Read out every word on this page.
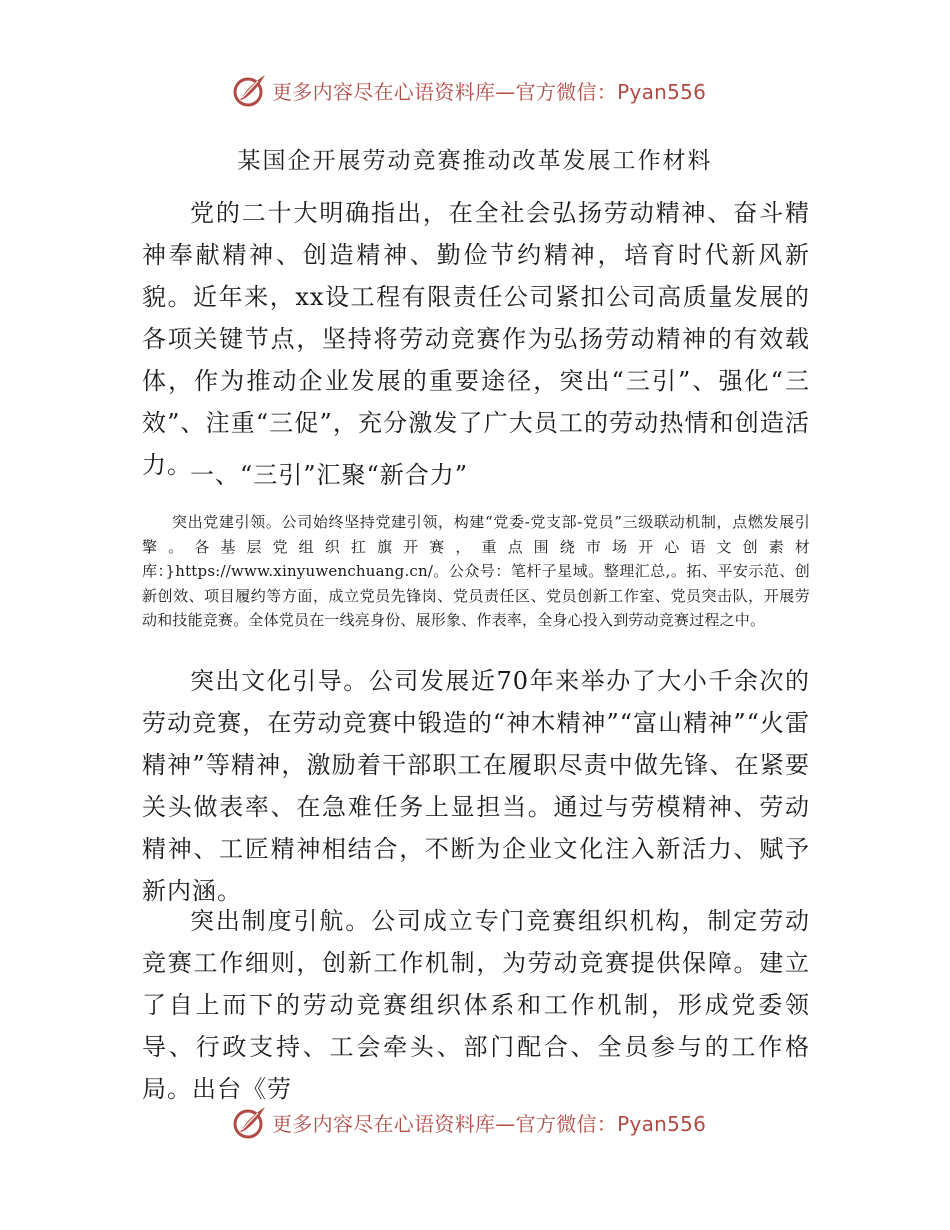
更多内容尽在心语资料库—官方微信：Pyan556
某国企开展劳动竞赛推动改革发展工作材料

党的二十大明确指出，在全社会弘扬劳动精神、奋斗精神奉献精神、创造精神、勤俭节约精神，培育时代新风新貌。近年来，xx设工程有限责任公司紧扣公司高质量发展的各项关键节点，坚持将劳动竞赛作为弘扬劳动精神的有效载体，作为推动企业发展的重要途径，突出“三引”、强化“三效”、注重“三促”，充分激发了广大员工的劳动热情和创造活力。

一、“三引”汇聚“新合力”

突出党建引领。公司始终坚持党建引领，构建“党委-党支部-党员”三级联动机制，点燃发展引擎。各基层党组织扛旗开赛，重点围绕市场开心语文创素材库：}https://www.xinyuwenchuang.cn/。公众号：笔杆子星域。整理汇总,。拓、平安示范、创新创效、项目履约等方面，成立党员先锋岗、党员责任区、党员创新工作室、党员突击队，开展劳动和技能竞赛。全体党员在一线亮身份、展形象、作表率，全身心投入到劳动竞赛过程之中。

突出文化引导。公司发展近70年来举办了大小千余次的劳动竞赛，在劳动竞赛中锻造的“神木精神”“富山精神”“火雷精神”等精神，激励着干部职工在履职尽责中做先锋、在紧要关头做表率、在急难任务上显担当。通过与劳模精神、劳动精神、工匠精神相结合，不断为企业文化注入新活力、赋予新内涵。

突出制度引航。公司成立专门竞赛组织机构，制定劳动竞赛工作细则，创新工作机制，为劳动竞赛提供保障。建立了自上而下的劳动竞赛组织体系和工作机制，形成党委领导、行政支持、工会牵头、部门配合、全员参与的工作格局。出台《劳

更多内容尽在心语资料库—官方微信：Pyan556
